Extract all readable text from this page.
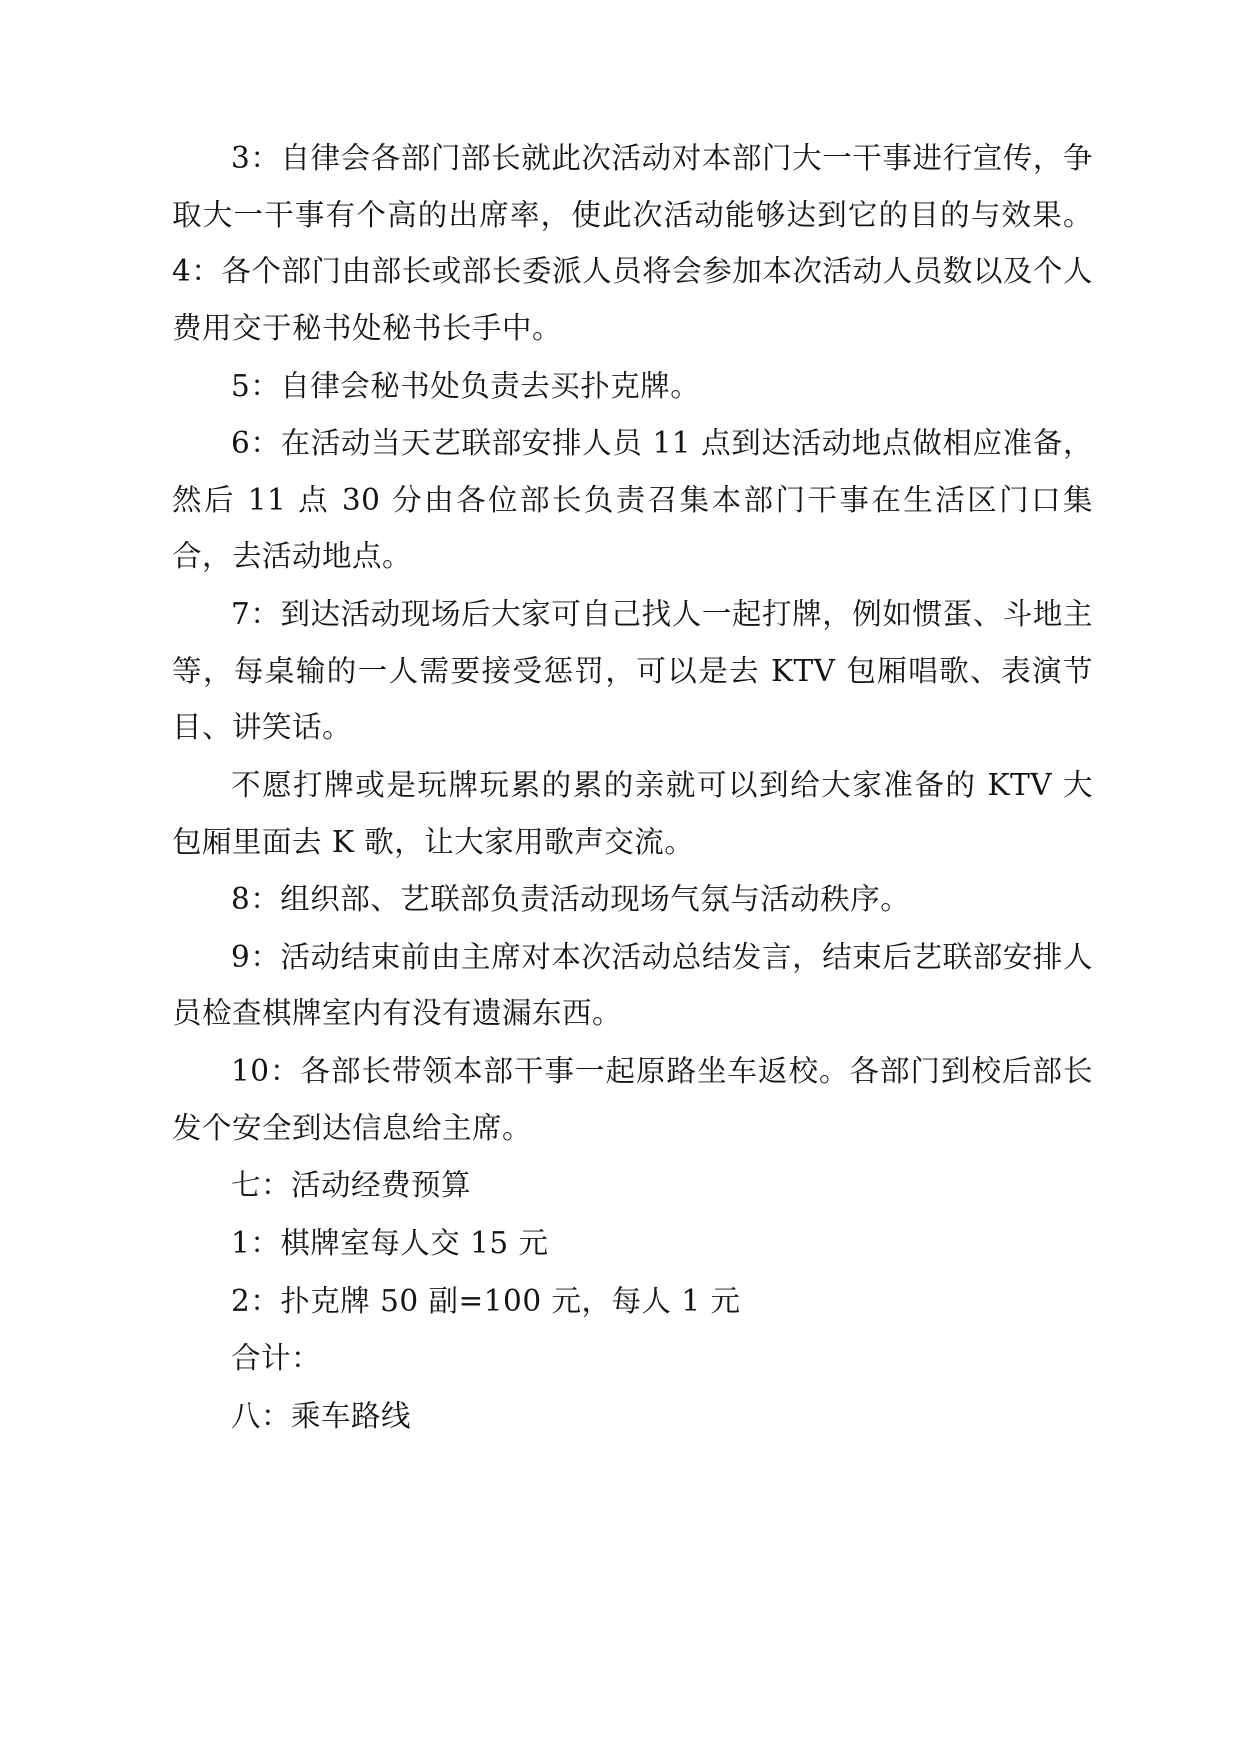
3：自律会各部门部长就此次活动对本部门大一干事进行宣传，争取大一干事有个高的出席率，使此次活动能够达到它的目的与效果。4：各个部门由部长或部长委派人员将会参加本次活动人员数以及个人费用交于秘书处秘书长手中。

5：自律会秘书处负责去买扑克牌。

6：在活动当天艺联部安排人员 11 点到达活动地点做相应准备，然后 11 点 30 分由各位部长负责召集本部门干事在生活区门口集合，去活动地点。

7：到达活动现场后大家可自己找人一起打牌，例如惯蛋、斗地主等，每桌输的一人需要接受惩罚，可以是去 KTV 包厢唱歌、表演节目、讲笑话。

不愿打牌或是玩牌玩累的累的亲就可以到给大家准备的 KTV 大包厢里面去 K 歌，让大家用歌声交流。

8：组织部、艺联部负责活动现场气氛与活动秩序。

9：活动结束前由主席对本次活动总结发言，结束后艺联部安排人员检查棋牌室内有没有遗漏东西。

10：各部长带领本部干事一起原路坐车返校。各部门到校后部长发个安全到达信息给主席。

七：活动经费预算

1：棋牌室每人交 15 元

2：扑克牌 50 副=100 元，每人 1 元

合计：

八：乘车路线
